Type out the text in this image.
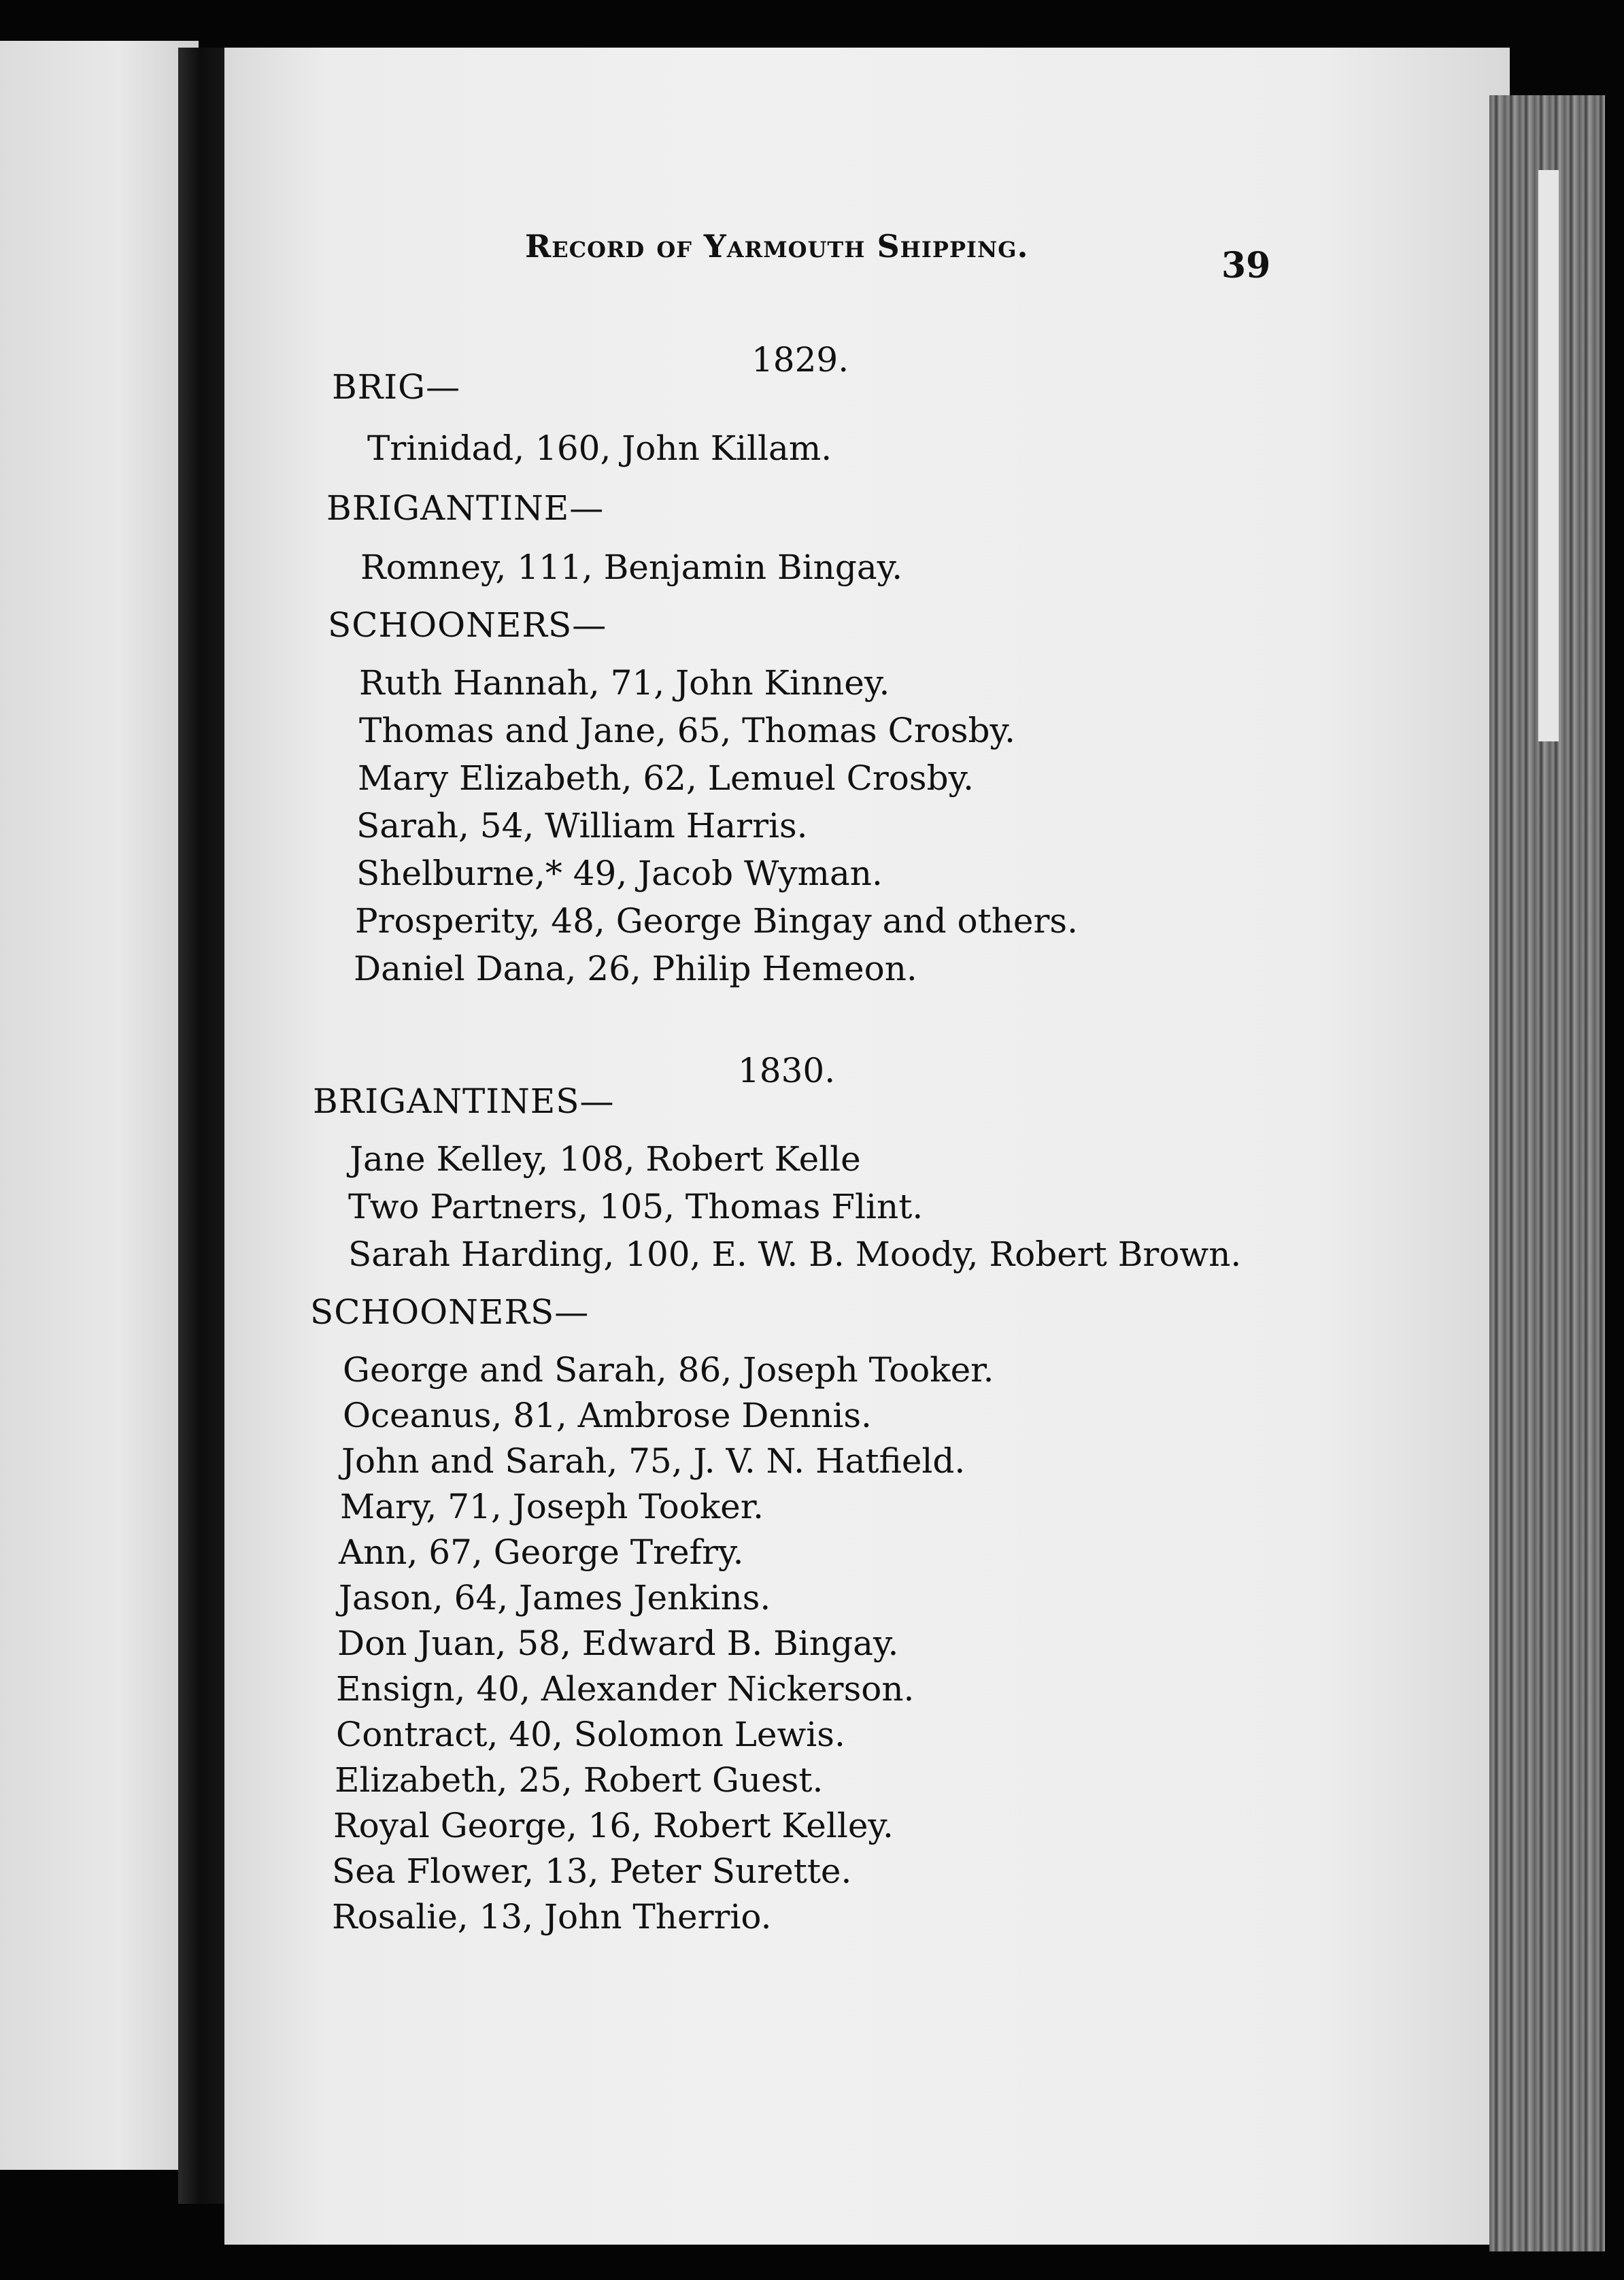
Record of Yarmouth Shipping.	39
1829.
BRIG—
Trinidad, 160, John Killam.
BRIGANTINE—
Romney, 111, Benjamin Bingay.
SCHOONERS—
Ruth Hannah, 71, John Kinney.
Thomas and Jane, 65, Thomas Crosby.
Mary Elizabeth, 62, Lemuel Crosby.
Sarah, 54, William Harris.
Shelburne,* 49, Jacob Wyman.
Prosperity, 48, George Bingay and others.
Daniel Dana, 26, Philip Hemeon.
1830.
BRIGANTINES—
Jane Kelley, 108, Robert Kelle
Two Partners, 105, Thomas Flint.
Sarah Harding, 100, E. W. B. Moody, Robert Brown.
SCHOONERS—
George and Sarah, 86, Joseph Tooker.
Oceanus, 81, Ambrose Dennis.
John and Sarah, 75, J. V. N. Hatfield.
Mary, 71, Joseph Tooker.
Ann, 67, George Trefry.
Jason, 64, James Jenkins.
Don Juan, 58, Edward B. Bingay.
Ensign, 40, Alexander Nickerson.
Contract, 40, Solomon Lewis.
Elizabeth, 25, Robert Guest.
Royal George, 16, Robert Kelley.
Sea Flower, 13, Peter Surette.
Rosalie, 13, John Therrio.
